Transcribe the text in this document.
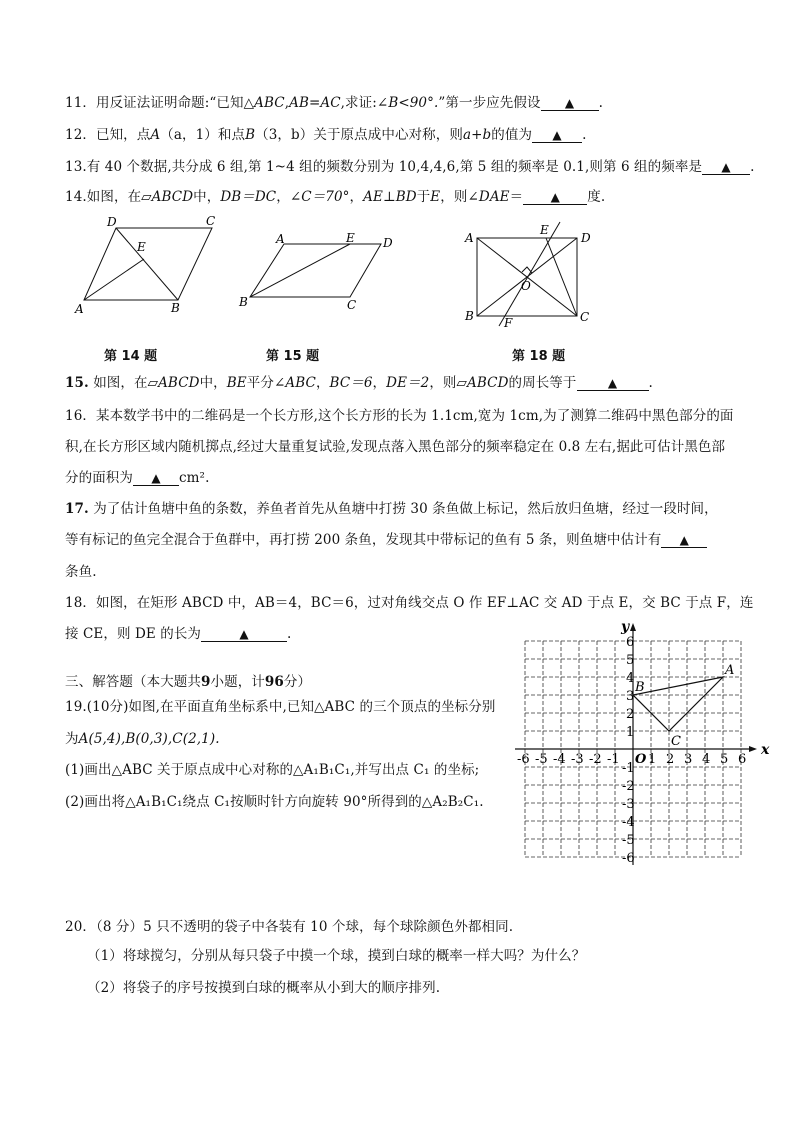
11．用反证法证明命题:“已知△ABC,AB=AC,求证:∠B<90°.”第一步应先假设 ▲ .
12．已知，点A（a，1）和点B（3，b）关于原点成中心对称，则a+b的值为 ▲ .
13.有 40 个数据,共分成 6 组,第 1~4 组的频数分别为 10,4,4,6,第 5 组的频率是 0.1,则第 6 组的频率是 ▲ .
14.如图，在▱ABCD中，DB＝DC，∠C＝70°，AE⊥BD于E，则∠DAE＝ ▲ 度.
D	C
E
A	B
A	E D
B	C
A
E
D
O
B	F	C
第 14 题	第 15 题	第 18 题
15. 如图，在▱ABCD中，BE平分∠ABC，BC＝6，DE＝2，则▱ABCD的周长等于	▲ .
16．某本数学书中的二维码是一个长方形,这个长方形的长为 1.1cm,宽为 1cm,为了测算二维码中黑色部分的面
积,在长方形区域内随机掷点,经过大量重复试验,发现点落入黑色部分的频率稳定在 0.8 左右,据此可估计黑色部
分的面积为 ▲ cm².
17. 为了估计鱼塘中鱼的条数，养鱼者首先从鱼塘中打捞 30 条鱼做上标记，然后放归鱼塘，经过一段时间，
等有标记的鱼完全混合于鱼群中，再打捞 200 条鱼，发现其中带标记的鱼有 5 条，则鱼塘中估计有 ▲
条鱼.
18．如图，在矩形 ABCD 中，AB＝4，BC＝6，过对角线交点 O 作 EF⊥AC 交 AD 于点 E，交 BC 于点 F，连
接 CE，则 DE 的长为	▲	.
三、解答题（本大题共9小题，计96分）
19.(10分)如图,在平面直角坐标系中,已知△ABC 的三个顶点的坐标分别
为A(5,4),B(0,3),C(2,1).
(1)画出△ABC 关于原点成中心对称的△A₁B₁C₁,并写出点 C₁ 的坐标;
(2)画出将△A₁B₁C₁绕点 C₁按顺时针方向旋转 90°所得到的△A₂B₂C₁.
-6 -5 -4 -3 -2 -1 O 1 2 3 4 5 6
6
5
4
3
2
1
-1
-2
-3
-4
-5
-6
x
y
A
B
C
20．（8 分）5 只不透明的袋子中各装有 10 个球，每个球除颜色外都相同.
（1）将球搅匀，分别从每只袋子中摸一个球，摸到白球的概率一样大吗？为什么？
（2）将袋子的序号按摸到白球的概率从小到大的顺序排列.
